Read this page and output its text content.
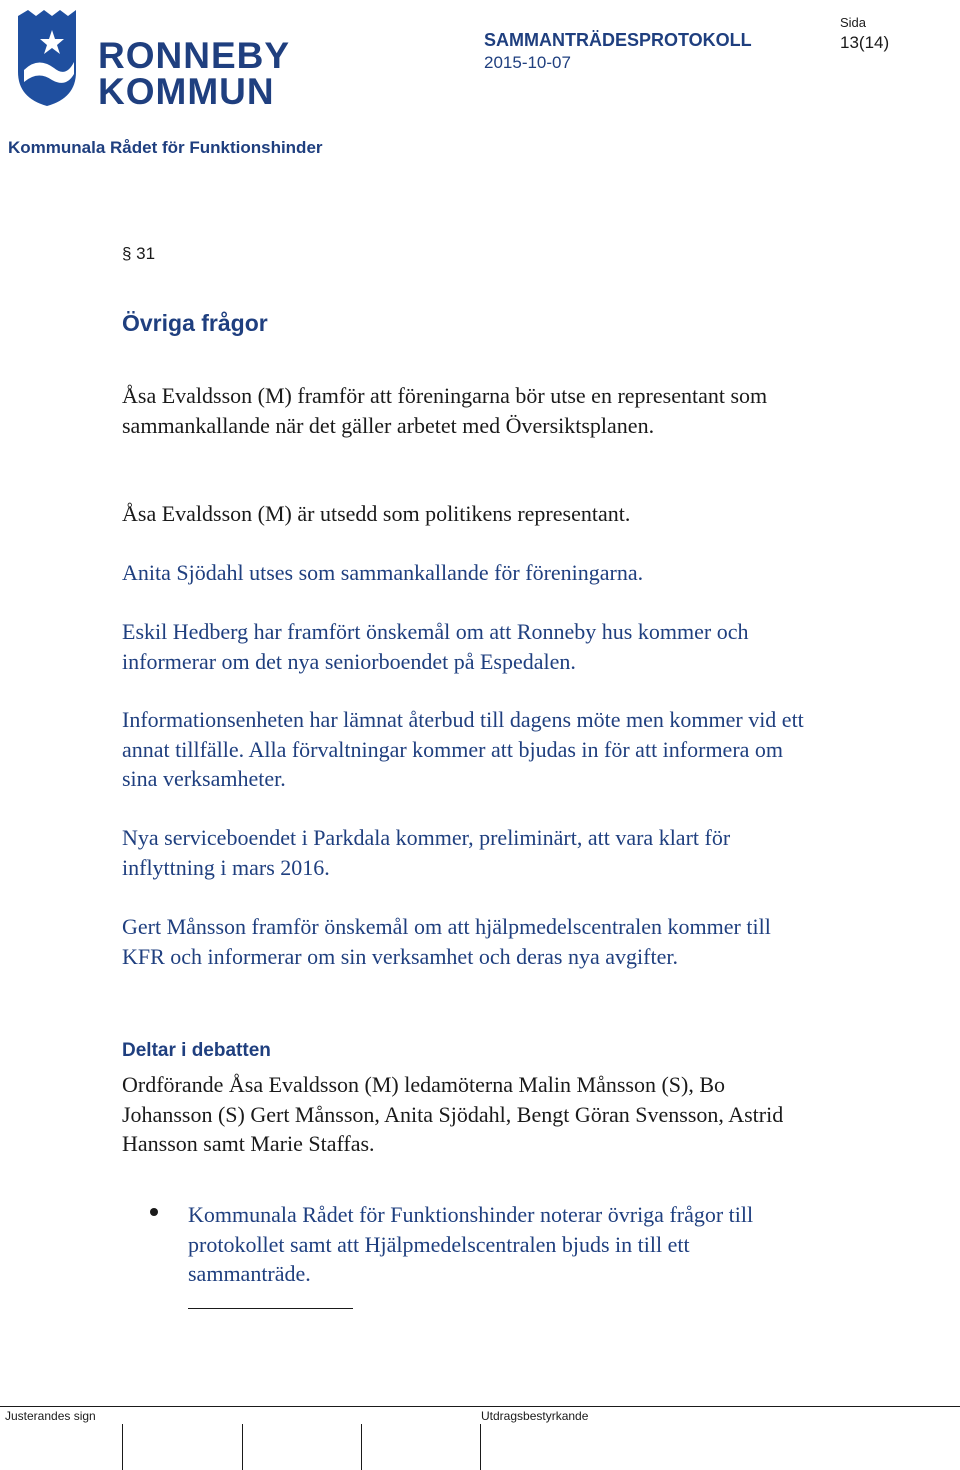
RONNEBY
KOMMUN
SAMMANTRÄDESPROTOKOLL
2015-10-07
Sida
13(14)
Kommunala Rådet för Funktionshinder
§ 31
Övriga frågor

Åsa Evaldsson (M) framför att föreningarna bör utse en representant som sammankallande när det gäller arbetet med Översiktsplanen.

Åsa Evaldsson (M) är utsedd som politikens representant.

Anita Sjödahl utses som sammankallande för föreningarna.

Eskil Hedberg har framfört önskemål om att Ronneby hus kommer och informerar om det nya seniorboendet på Espedalen.

Informationsenheten har lämnat återbud till dagens möte men kommer vid ett annat tillfälle. Alla förvaltningar kommer att bjudas in för att informera om sina verksamheter.

Nya serviceboendet i Parkdala kommer, preliminärt, att vara klart för inflyttning i mars 2016.

Gert Månsson framför önskemål om att hjälpmedelscentralen kommer till KFR och informerar om sin verksamhet och deras nya avgifter.

Deltar i debatten

Ordförande Åsa Evaldsson (M) ledamöterna Malin Månsson (S), Bo Johansson (S) Gert Månsson, Anita Sjödahl, Bengt Göran Svensson, Astrid Hansson samt Marie Staffas.

Kommunala Rådet för Funktionshinder noterar övriga frågor till protokollet samt att Hjälpmedelscentralen bjuds in till ett sammanträde.

Justerandes sign	Utdragsbestyrkande
